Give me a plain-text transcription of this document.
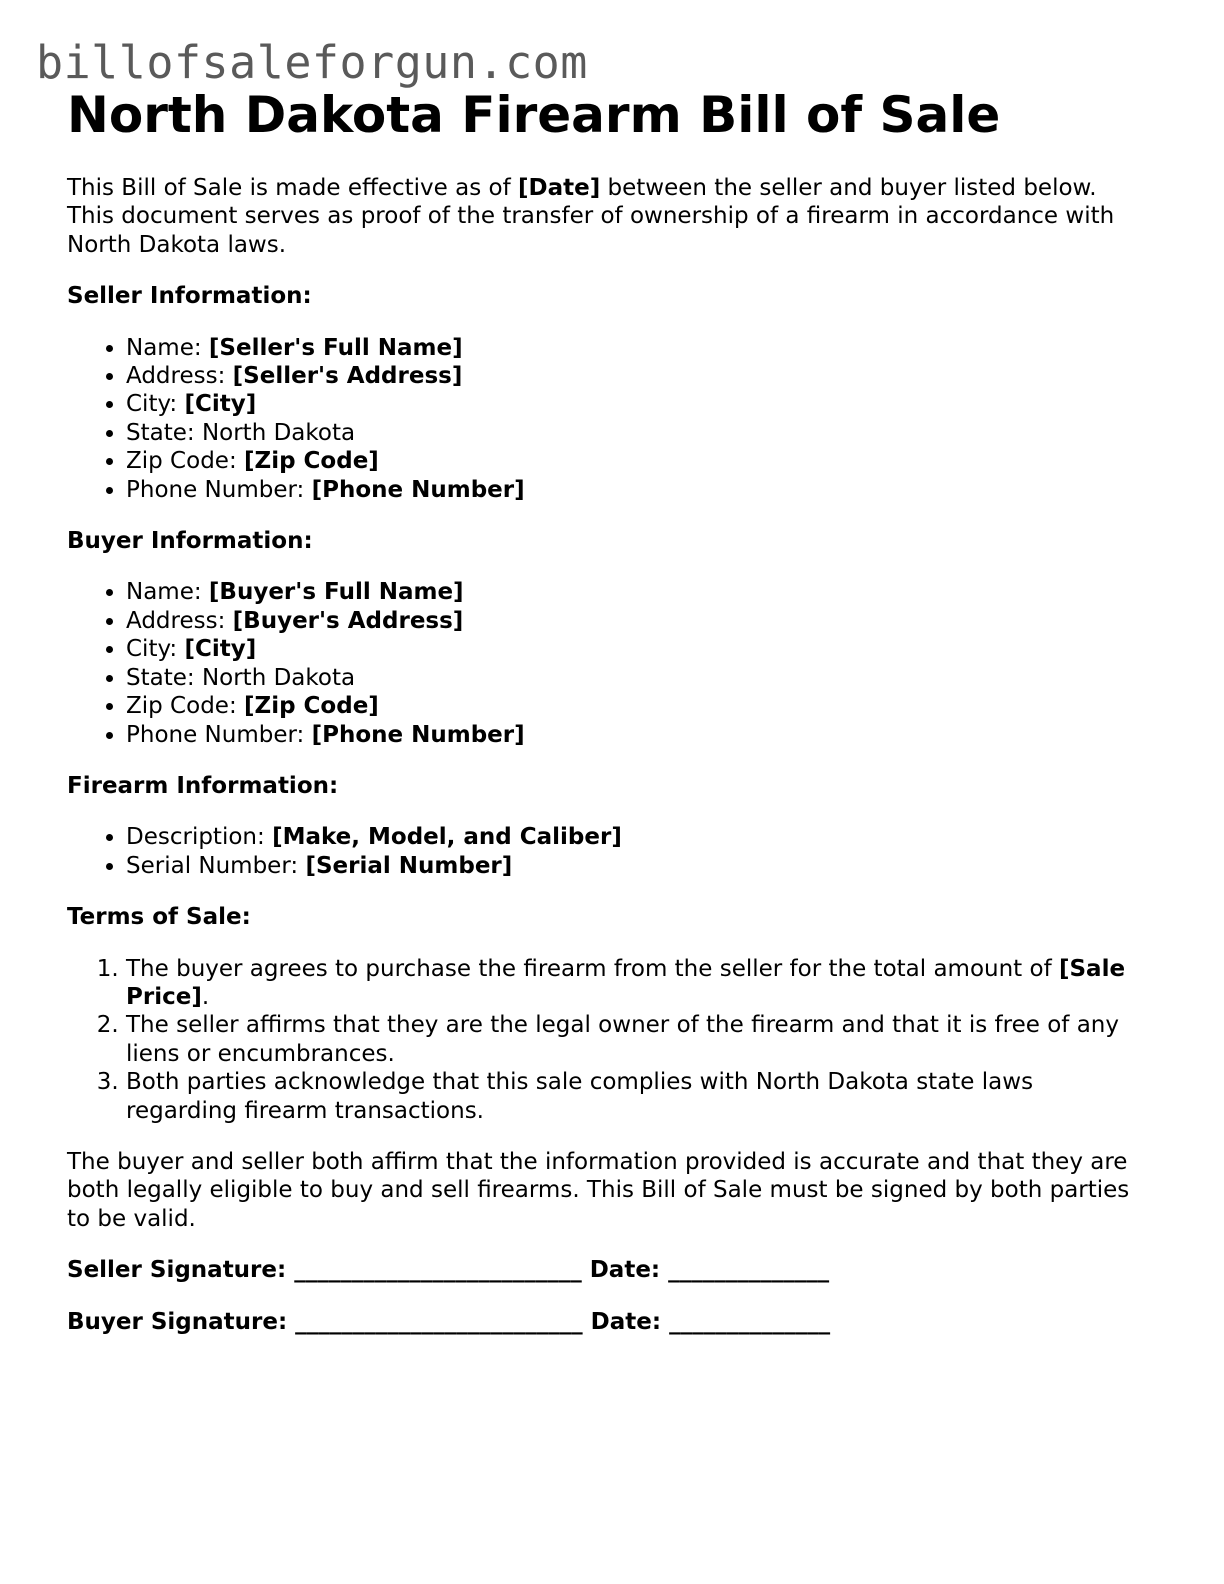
billofsaleforgun.com
North Dakota Firearm Bill of Sale

This Bill of Sale is made effective as of [Date] between the seller and buyer listed below. This document serves as proof of the transfer of ownership of a firearm in accordance with North Dakota laws.

Seller Information:

• Name: [Seller's Full Name]
• Address: [Seller's Address]
• City: [City]
• State: North Dakota
• Zip Code: [Zip Code]
• Phone Number: [Phone Number]

Buyer Information:

• Name: [Buyer's Full Name]
• Address: [Buyer's Address]
• City: [City]
• State: North Dakota
• Zip Code: [Zip Code]
• Phone Number: [Phone Number]

Firearm Information:

• Description: [Make, Model, and Caliber]
• Serial Number: [Serial Number]

Terms of Sale:

1. The buyer agrees to purchase the firearm from the seller for the total amount of [Sale Price].
2. The seller affirms that they are the legal owner of the firearm and that it is free of any liens or encumbrances.
3. Both parties acknowledge that this sale complies with North Dakota state laws regarding firearm transactions.

The buyer and seller both affirm that the information provided is accurate and that they are both legally eligible to buy and sell firearms. This Bill of Sale must be signed by both parties to be valid.

Seller Signature: _________________________ Date: ______________

Buyer Signature: _________________________ Date: ______________
